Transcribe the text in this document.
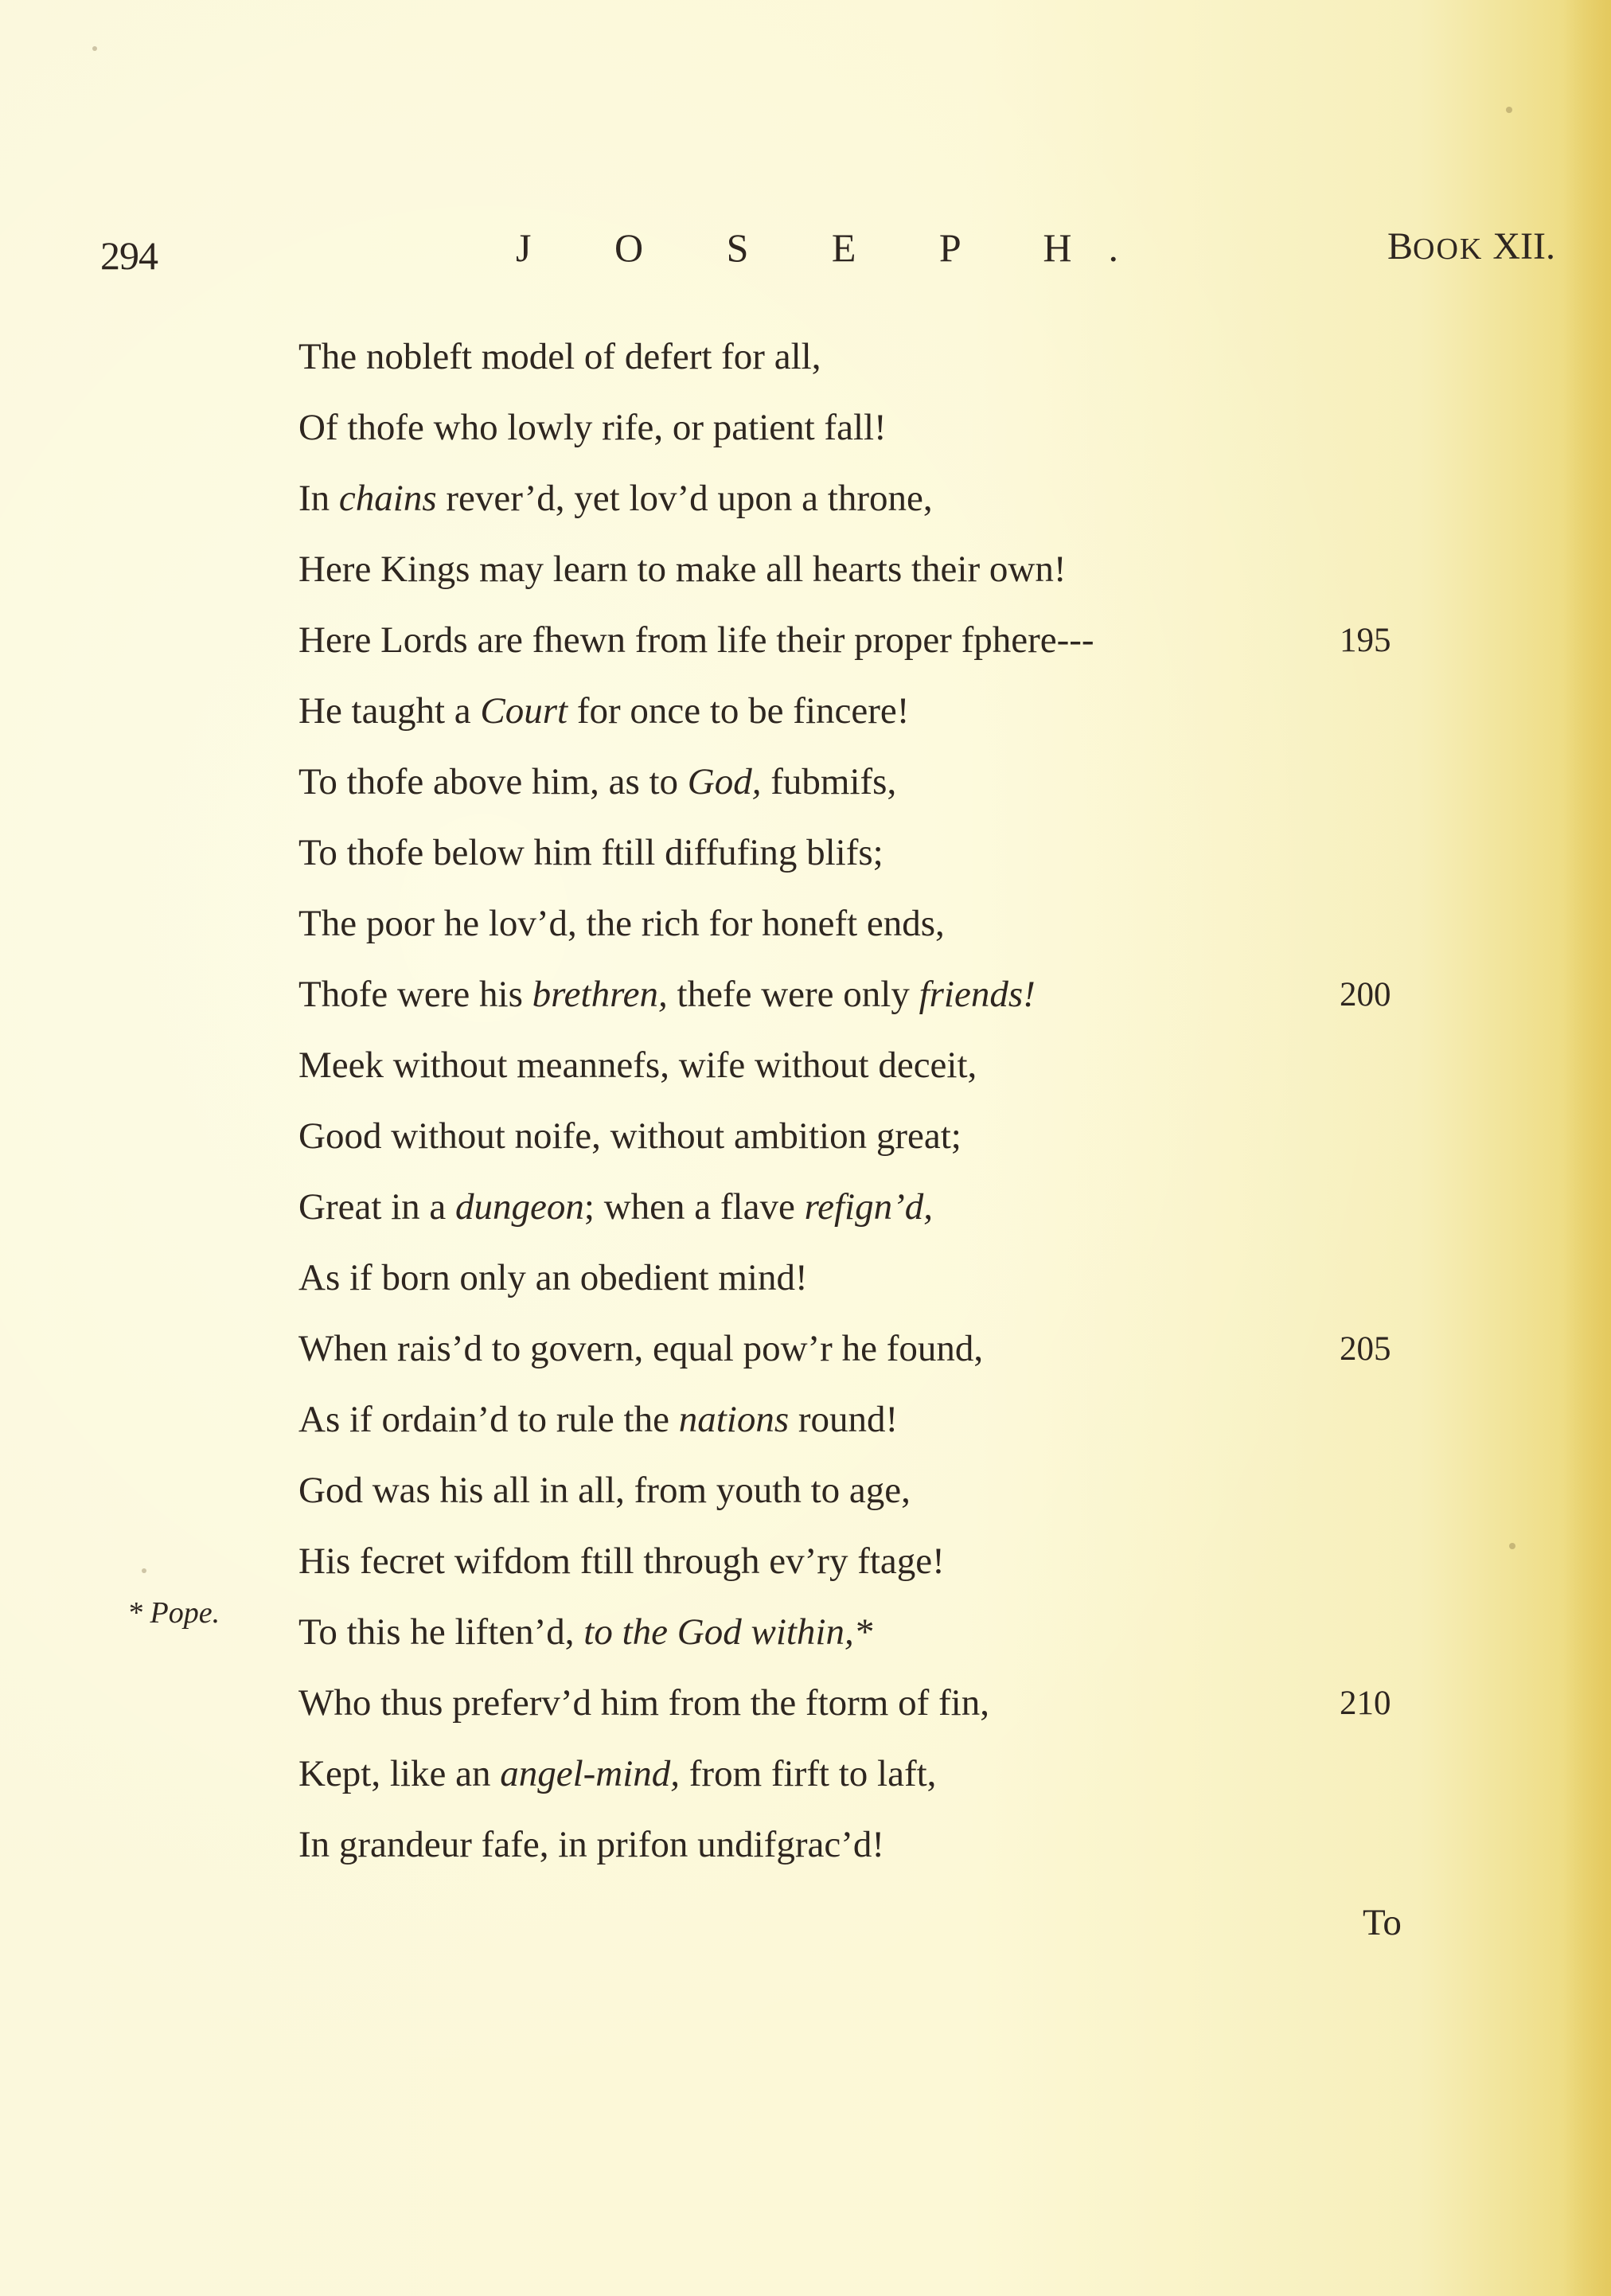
294	J O S E P H.	BOOK XII.
* Pope.
The nobleft model of defert for all,
Of thofe who lowly rife, or patient fall!
In chains rever’d, yet lov’d upon a throne,
Here Kings may learn to make all hearts their own!
Here Lords are fhewn from life their proper fphere---	195
He taught a Court for once to be fincere!
To thofe above him, as to God, fubmifs,
To thofe below him ftill diffufing blifs;
The poor he lov’d, the rich for honeft ends,
Thofe were his brethren, thefe were only friends!	200
Meek without meannefs, wife without deceit,
Good without noife, without ambition great;
Great in a dungeon; when a flave refign’d,
As if born only an obedient mind!
When rais’d to govern, equal pow’r he found,	205
As if ordain’d to rule the nations round!
God was his all in all, from youth to age,
His fecret wifdom ftill through ev’ry ftage!
To this he liften’d, to the God within,*
Who thus preferv’d him from the ftorm of fin,	210
Kept, like an angel-mind, from firft to laft,
In grandeur fafe, in prifon undifgrac’d!
To
